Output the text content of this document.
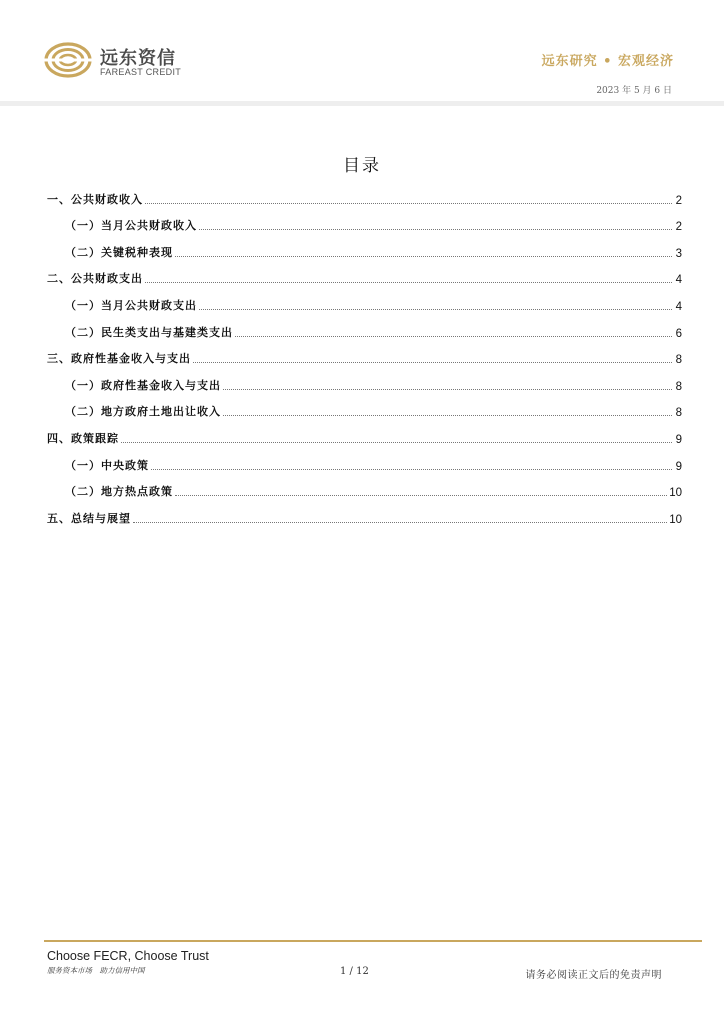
远东资信
FAREAST CREDIT
远东研究 • 宏观经济
2023 年 5 月 6 日
目录
一、公共财政收入	2
（一）当月公共财政收入	2
（二）关键税种表现	3
二、公共财政支出	4
（一）当月公共财政支出	4
（二）民生类支出与基建类支出	6
三、政府性基金收入与支出	8
（一）政府性基金收入与支出	8
（二）地方政府土地出让收入	8
四、政策跟踪	9
（一）中央政策	9
（二）地方热点政策	10
五、总结与展望	10
Choose FECR, Choose Trust
服务资本市场　助力信用中国	1 / 12	请务必阅读正文后的免责声明
